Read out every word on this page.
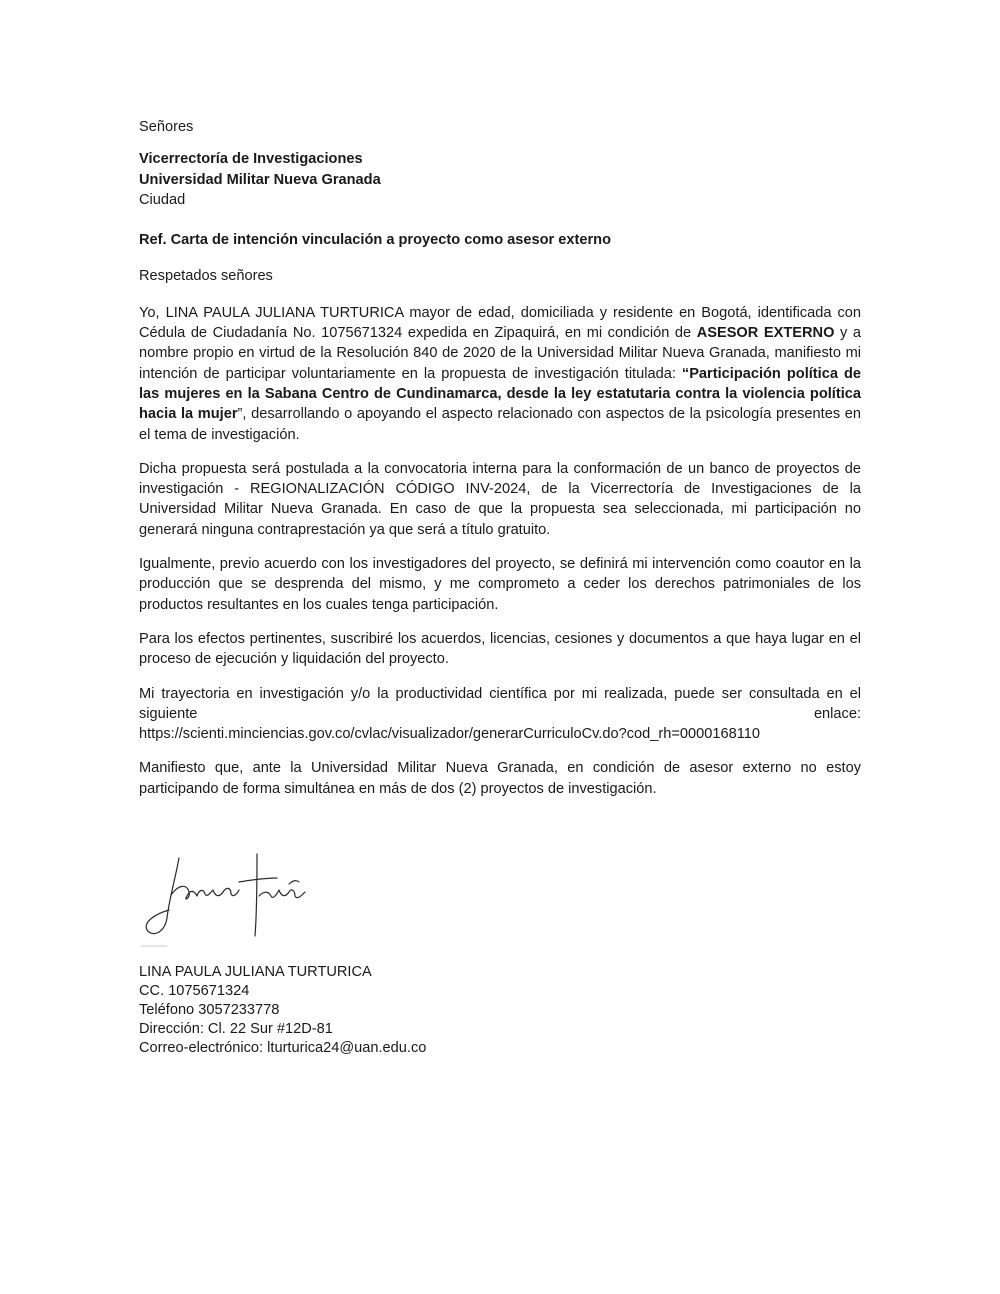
Señores

Vicerrectoría de Investigaciones

Universidad Militar Nueva Granada

Ciudad

Ref. Carta de intención vinculación a proyecto como asesor externo

Respetados señores

Yo, LINA PAULA JULIANA TURTURICA mayor de edad, domiciliada y residente en Bogotá, identificada con Cédula de Ciudadanía No. 1075671324 expedida en Zipaquirá, en mi condición de ASESOR EXTERNO y a nombre propio en virtud de la Resolución 840 de 2020 de la Universidad Militar Nueva Granada, manifiesto mi intención de participar voluntariamente en la propuesta de investigación titulada: “Participación política de las mujeres en la Sabana Centro de Cundinamarca, desde la ley estatutaria contra la violencia política hacia la mujer”, desarrollando o apoyando el aspecto relacionado con aspectos de la psicología presentes en el tema de investigación.

Dicha propuesta será postulada a la convocatoria interna para la conformación de un banco de proyectos de investigación - REGIONALIZACIÓN CÓDIGO INV-2024, de la Vicerrectoría de Investigaciones de la Universidad Militar Nueva Granada. En caso de que la propuesta sea seleccionada, mi participación no generará ninguna contraprestación ya que será a título gratuito.

Igualmente, previo acuerdo con los investigadores del proyecto, se definirá mi intervención como coautor en la producción que se desprenda del mismo, y me comprometo a ceder los derechos patrimoniales de los productos resultantes en los cuales tenga participación.

Para los efectos pertinentes, suscribiré los acuerdos, licencias, cesiones y documentos a que haya lugar en el proceso de ejecución y liquidación del proyecto.

Mi trayectoria en investigación y/o la productividad científica por mi realizada, puede ser consultada en el
siguiente	enlace:
https://scienti.minciencias.gov.co/cvlac/visualizador/generarCurriculoCv.do?cod_rh=0000168110

Manifiesto que, ante la Universidad Militar Nueva Granada, en condición de asesor externo no estoy participando de forma simultánea en más de dos (2) proyectos de investigación.

LINA PAULA JULIANA TURTURICA
CC. 1075671324
Teléfono 3057233778
Dirección: Cl. 22 Sur #12D-81
Correo-electrónico: lturturica24@uan.edu.co
